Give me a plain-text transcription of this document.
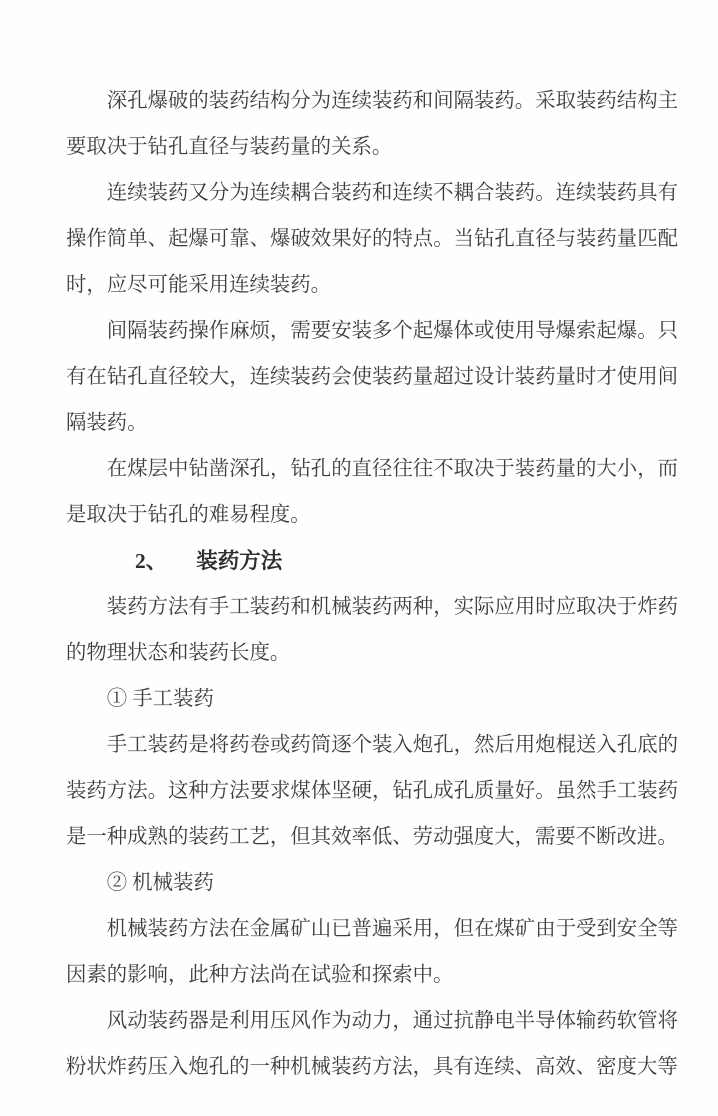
深孔爆破的装药结构分为连续装药和间隔装药。采取装药结构主要取决于钻孔直径与装药量的关系。

连续装药又分为连续耦合装药和连续不耦合装药。连续装药具有操作简单、起爆可靠、爆破效果好的特点。当钻孔直径与装药量匹配时，应尽可能采用连续装药。

间隔装药操作麻烦，需要安装多个起爆体或使用导爆索起爆。只有在钻孔直径较大，连续装药会使装药量超过设计装药量时才使用间隔装药。

在煤层中钻凿深孔，钻孔的直径往往不取决于装药量的大小，而是取决于钻孔的难易程度。

2、 装药方法

装药方法有手工装药和机械装药两种，实际应用时应取决于炸药的物理状态和装药长度。

① 手工装药

手工装药是将药卷或药筒逐个装入炮孔，然后用炮棍送入孔底的装药方法。这种方法要求煤体坚硬，钻孔成孔质量好。虽然手工装药是一种成熟的装药工艺，但其效率低、劳动强度大，需要不断改进。

② 机械装药

机械装药方法在金属矿山已普遍采用，但在煤矿由于受到安全等因素的影响，此种方法尚在试验和探索中。

风动装药器是利用压风作为动力，通过抗静电半导体输药软管将粉状炸药压入炮孔的一种机械装药方法，具有连续、高效、密度大等
